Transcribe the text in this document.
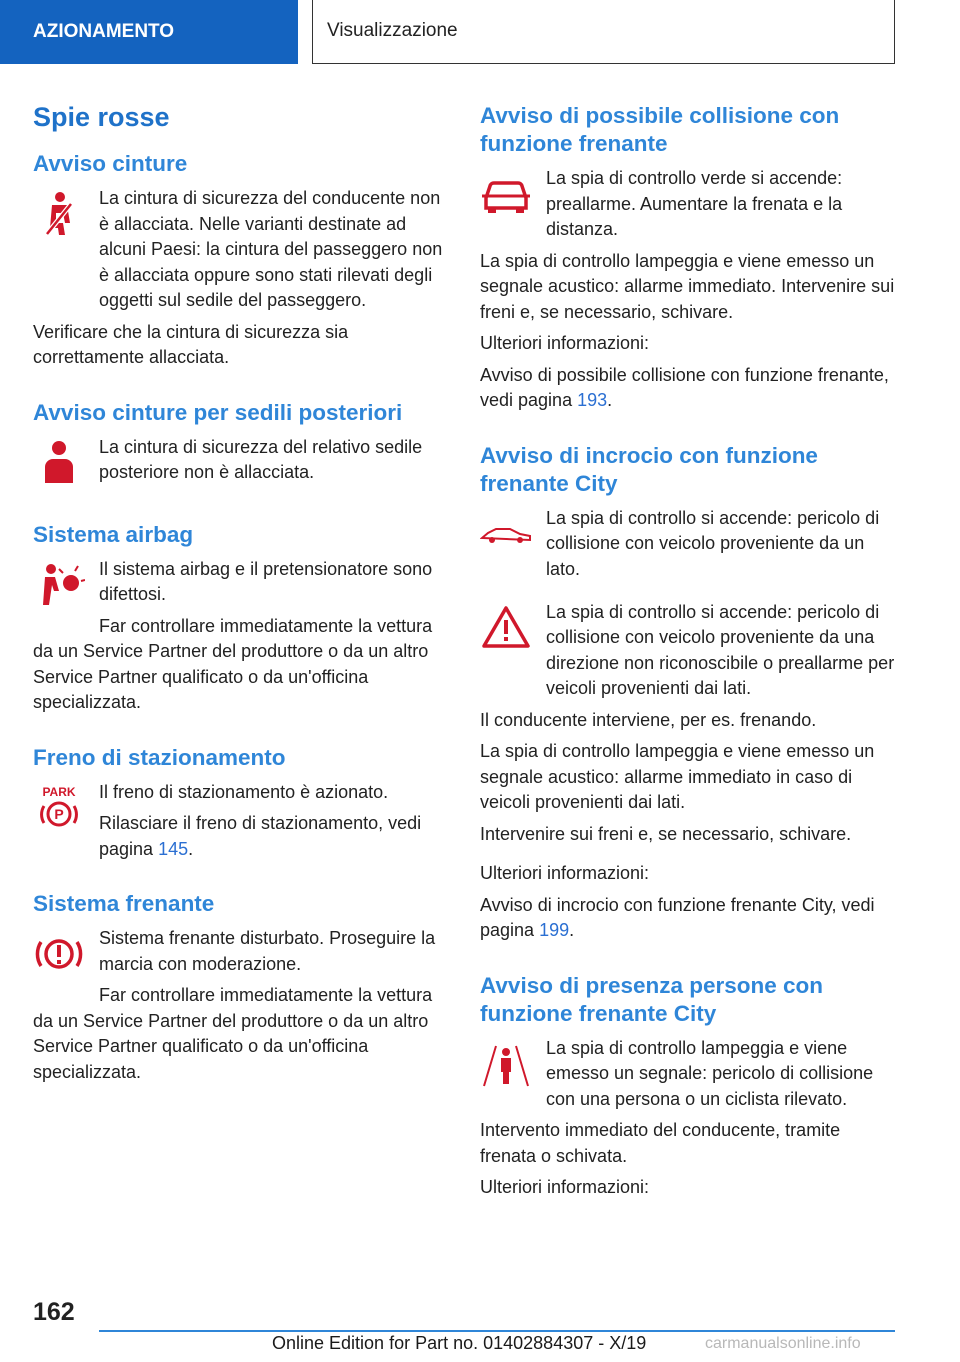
AZIONAMENTO	Visualizzazione
Spie rosse
Avviso cinture

La cintura di sicurezza del conducente non è allacciata. Nelle varianti destinate ad alcuni Paesi: la cintura del passeggero non è allacciata oppure sono stati rilevati degli oggetti sul sedile del passeggero.

Verificare che la cintura di sicurezza sia correttamente allacciata.

Avviso cinture per sedili posteriori

La cintura di sicurezza del relativo sedile posteriore non è allacciata.

Sistema airbag

Il sistema airbag e il pretensionatore sono difettosi.

Far controllare immediatamente la vettura da un Service Partner del produttore o da un altro Service Partner qualificato o da un'officina specializzata.

Freno di stazionamento
PARK
P

Il freno di stazionamento è azionato.

Rilasciare il freno di stazionamento, vedi pagina 145.

Sistema frenante

Sistema frenante disturbato. Proseguire la marcia con moderazione.

Far controllare immediatamente la vettura da un Service Partner del produttore o da un altro Service Partner qualificato o da un'officina specializzata.

Avviso di possibile collisione con funzione frenante

La spia di controllo verde si accende: preallarme. Aumentare la frenata e la distanza.

La spia di controllo lampeggia e viene emesso un segnale acustico: allarme immediato. Intervenire sui freni e, se necessario, schivare.

Ulteriori informazioni:

Avviso di possibile collisione con funzione frenante, vedi pagina 193.

Avviso di incrocio con funzione frenante City

La spia di controllo si accende: pericolo di collisione con veicolo proveniente da un lato.

La spia di controllo si accende: pericolo di collisione con veicolo proveniente da una direzione non riconoscibile o preallarme per veicoli provenienti dai lati.

Il conducente interviene, per es. frenando.

La spia di controllo lampeggia e viene emesso un segnale acustico: allarme immediato in caso di veicoli provenienti dai lati.

Intervenire sui freni e, se necessario, schivare.

Ulteriori informazioni:

Avviso di incrocio con funzione frenante City, vedi pagina 199.

Avviso di presenza persone con funzione frenante City

La spia di controllo lampeggia e viene emesso un segnale: pericolo di collisione con una persona o un ciclista rilevato.

Intervento immediato del conducente, tramite frenata o schivata.

Ulteriori informazioni:

162
Online Edition for Part no. 01402884307 - X/19	carmanualsonline.info
